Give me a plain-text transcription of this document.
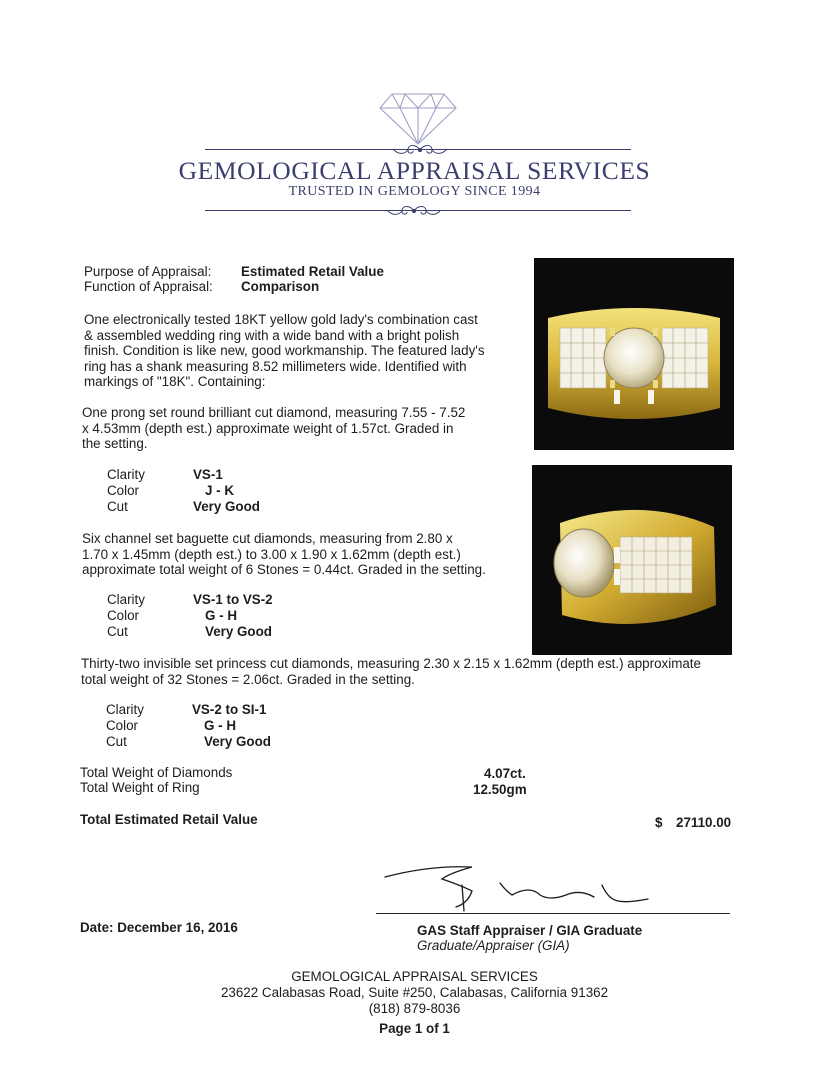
GEMOLOGICAL APPRAISAL SERVICES
TRUSTED IN GEMOLOGY SINCE 1994
Purpose of Appraisal: Estimated Retail Value
Function of Appraisal: Comparison
One electronically tested 18KT yellow gold lady's combination cast
& assembled wedding ring with a wide band with a bright polish
finish. Condition is like new, good workmanship. The featured lady's
ring has a shank measuring 8.52 millimeters wide. Identified with
markings of "18K". Containing:
One prong set round brilliant cut diamond, measuring 7.55 - 7.52
x 4.53mm (depth est.) approximate weight of 1.57ct. Graded in
the setting.
Clarity	VS-1
Color	J - K
Cut	Very Good
Six channel set baguette cut diamonds, measuring from 2.80 x
1.70 x 1.45mm (depth est.) to 3.00 x 1.90 x 1.62mm (depth est.)
approximate total weight of 6 Stones = 0.44ct. Graded in the setting.
Clarity	VS-1 to VS-2
Color	G - H
Cut	Very Good
Thirty-two invisible set princess cut diamonds, measuring 2.30 x 2.15 x 1.62mm (depth est.) approximate
total weight of 32 Stones = 2.06ct. Graded in the setting.
Clarity	VS-2 to SI-1
Color	G - H
Cut	Very Good
Total Weight of Diamonds	4.07ct.
Total Weight of Ring	12.50gm
Total Estimated Retail Value	$ 27110.00
Date: December 16, 2016	GAS Staff Appraiser / GIA Graduate
Graduate/Appraiser (GIA)
GEMOLOGICAL APPRAISAL SERVICES
23622 Calabasas Road, Suite #250, Calabasas, California 91362
(818) 879-8036
Page 1 of 1
